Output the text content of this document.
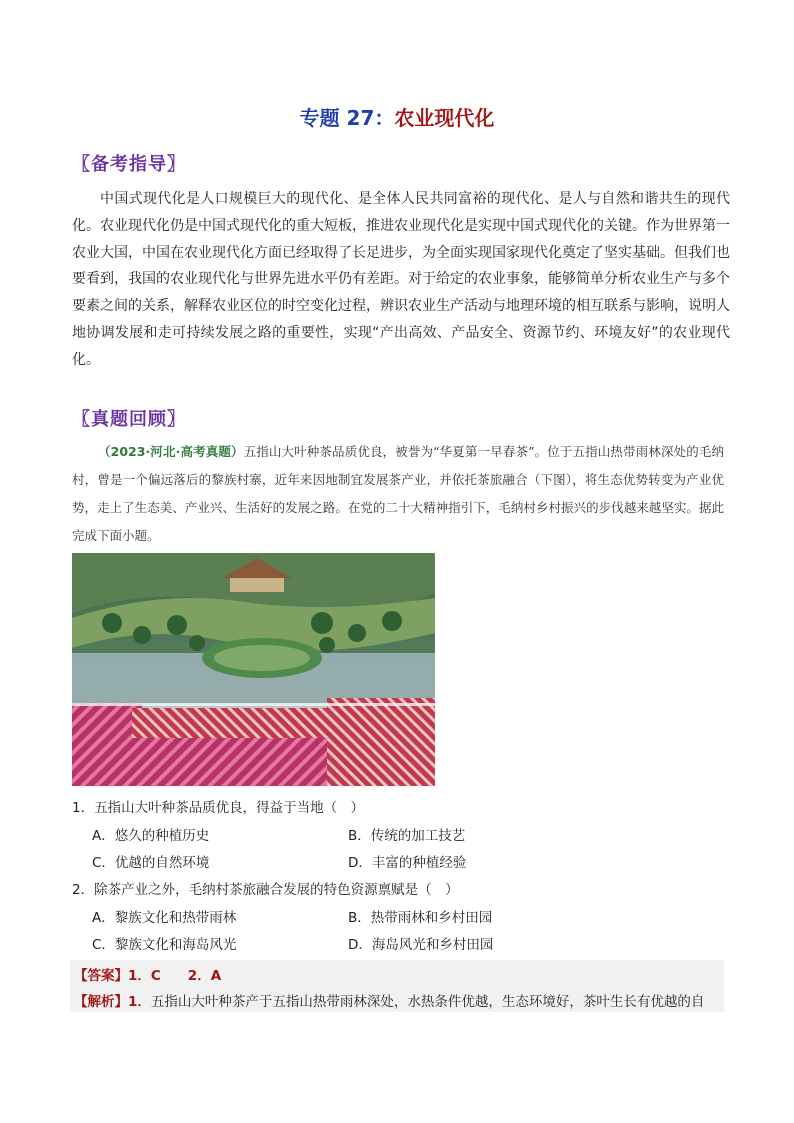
专题 27：农业现代化
〖备考指导〗
中国式现代化是人口规模巨大的现代化、是全体人民共同富裕的现代化、是人与自然和谐共生的现代化。农业现代化仍是中国式现代化的重大短板，推进农业现代化是实现中国式现代化的关键。作为世界第一农业大国，中国在农业现代化方面已经取得了长足进步，为全面实现国家现代化奠定了坚实基础。但我们也要看到，我国的农业现代化与世界先进水平仍有差距。对于给定的农业事象，能够简单分析农业生产与多个要素之间的关系，解释农业区位的时空变化过程，辨识农业生产活动与地理环境的相互联系与影响，说明人地协调发展和走可持续发展之路的重要性，实现“产出高效、产品安全、资源节约、环境友好”的农业现代化。
〖真题回顾〗
（2023·河北·高考真题）五指山大叶种茶品质优良，被誉为“华夏第一早春茶”。位于五指山热带雨林深处的毛纳村，曾是一个偏远落后的黎族村寨，近年来因地制宜发展茶产业，并依托茶旅融合（下图），将生态优势转变为产业优势，走上了生态美、产业兴、生活好的发展之路。在党的二十大精神指引下，毛纳村乡村振兴的步伐越来越坚实。据此完成下面小题。
1．五指山大叶种茶品质优良，得益于当地（　）
A．悠久的种植历史	B．传统的加工技艺
C．优越的自然环境	D．丰富的种植经验
2．除茶产业之外，毛纳村茶旅融合发展的特色资源禀赋是（　）
A．黎族文化和热带雨林	B．热带雨林和乡村田园
C．黎族文化和海岛风光	D．海岛风光和乡村田园
【答案】1．C　　2．A
【解析】1．五指山大叶种茶产于五指山热带雨林深处，水热条件优越，生态环境好，茶叶生长有优越的自
